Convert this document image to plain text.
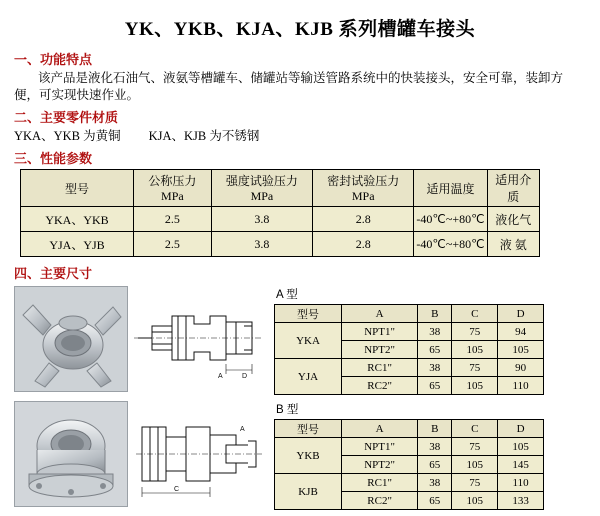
YK、YKB、KJA、KJB 系列槽罐车接头
一、功能特点
该产品是液化石油气、液氨等槽罐车、储罐站等输送管路系统中的快装接头，安全可靠，装卸方便，可实现快速作业。
二、主要零件材质
YKA、YKB 为黄铜 KJA、KJB 为不锈钢
三、性能参数
型号	公称压力 MPa	强度试验压力 MPa	密封试验压力 MPa	适用温度	适用介质
YKA、YKB	2.5	3.8	2.8	-40℃~+80℃	液化气
YJA、YJB	2.5	3.8	2.8	-40℃~+80℃	液 氨
四、主要尺寸
A	D
A 型
型号	A	B	C	D
YKA	NPT1"	38	75	94
	NPT2"	65	105	105
YJA	RC1"	38	75	90
	RC2"	65	105	110
C
A
B 型
型号	A	B	C	D
YKB	NPT1"	38	75	105
	NPT2"	65	105	145
KJB	RC1"	38	75	110
	RC2"	65	105	133
